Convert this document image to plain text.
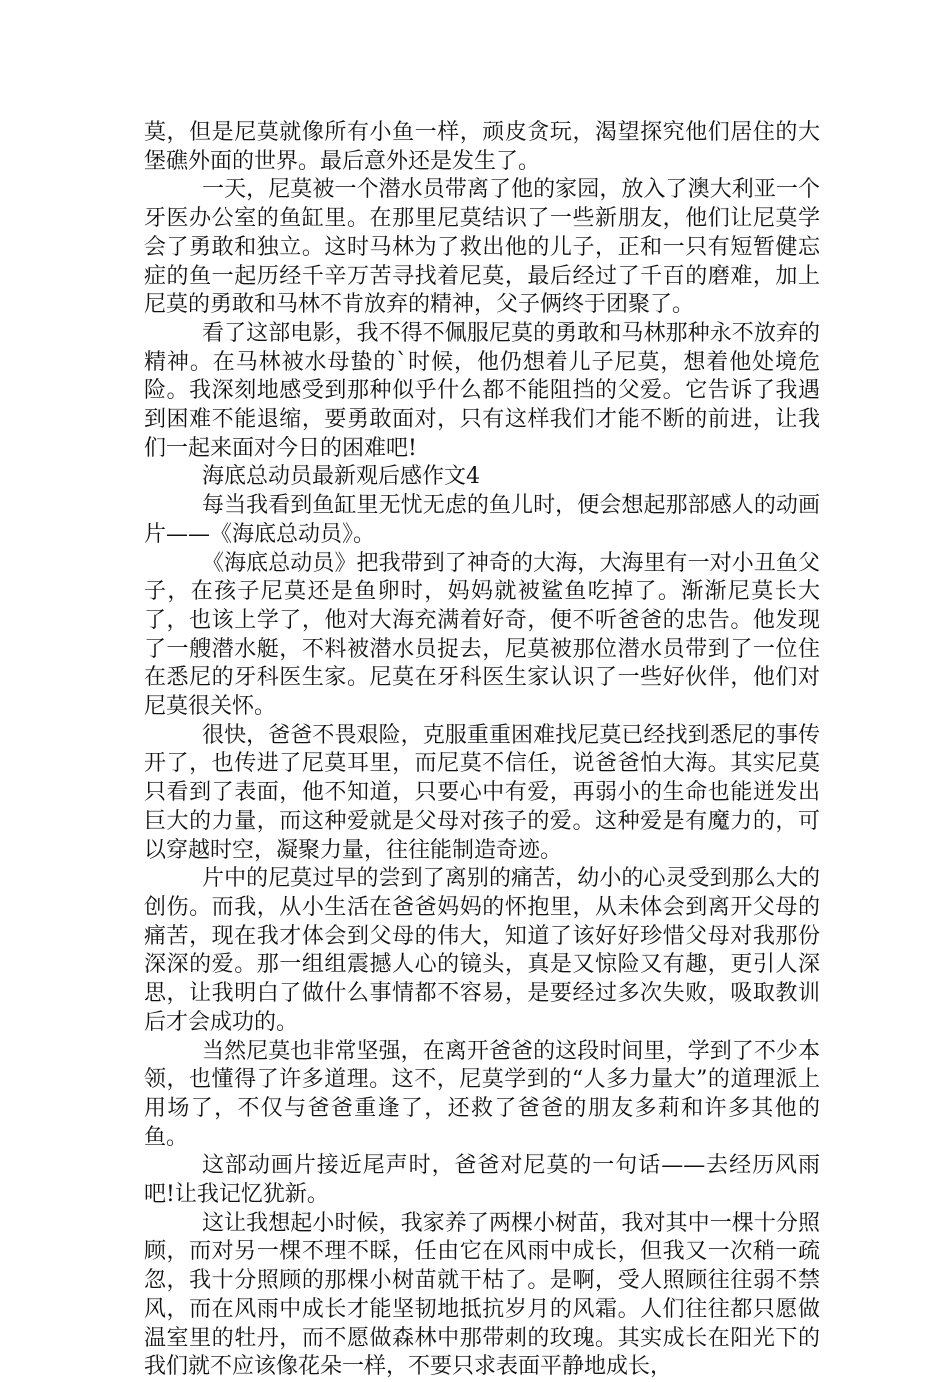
莫，但是尼莫就像所有小鱼一样，顽皮贪玩，渴望探究他们居住的大堡礁外面的世界。最后意外还是发生了。

一天，尼莫被一个潜水员带离了他的家园，放入了澳大利亚一个牙医办公室的鱼缸里。在那里尼莫结识了一些新朋友，他们让尼莫学会了勇敢和独立。这时马林为了救出他的儿子，正和一只有短暂健忘症的鱼一起历经千辛万苦寻找着尼莫，最后经过了千百的磨难，加上尼莫的勇敢和马林不肯放弃的精神，父子俩终于团聚了。

看了这部电影，我不得不佩服尼莫的勇敢和马林那种永不放弃的精神。在马林被水母蛰的`时候，他仍想着儿子尼莫，想着他处境危险。我深刻地感受到那种似乎什么都不能阻挡的父爱。它告诉了我遇到困难不能退缩，要勇敢面对，只有这样我们才能不断的前进，让我们一起来面对今日的困难吧!

海底总动员最新观后感作文4

每当我看到鱼缸里无忧无虑的鱼儿时，便会想起那部感人的动画片——《海底总动员》。

《海底总动员》把我带到了神奇的大海，大海里有一对小丑鱼父子，在孩子尼莫还是鱼卵时，妈妈就被鲨鱼吃掉了。渐渐尼莫长大了，也该上学了，他对大海充满着好奇，便不听爸爸的忠告。他发现了一艘潜水艇，不料被潜水员捉去，尼莫被那位潜水员带到了一位住在悉尼的牙科医生家。尼莫在牙科医生家认识了一些好伙伴，他们对尼莫很关怀。

很快，爸爸不畏艰险，克服重重困难找尼莫已经找到悉尼的事传开了，也传进了尼莫耳里，而尼莫不信任，说爸爸怕大海。其实尼莫只看到了表面，他不知道，只要心中有爱，再弱小的生命也能迸发出巨大的力量，而这种爱就是父母对孩子的爱。这种爱是有魔力的，可以穿越时空，凝聚力量，往往能制造奇迹。

片中的尼莫过早的尝到了离别的痛苦，幼小的心灵受到那么大的创伤。而我，从小生活在爸爸妈妈的怀抱里，从未体会到离开父母的痛苦，现在我才体会到父母的伟大，知道了该好好珍惜父母对我那份深深的爱。那一组组震撼人心的镜头，真是又惊险又有趣，更引人深思，让我明白了做什么事情都不容易，是要经过多次失败，吸取教训后才会成功的。

当然尼莫也非常坚强，在离开爸爸的这段时间里，学到了不少本领，也懂得了许多道理。这不，尼莫学到的“人多力量大”的道理派上用场了，不仅与爸爸重逢了，还救了爸爸的朋友多莉和许多其他的鱼。

这部动画片接近尾声时，爸爸对尼莫的一句话——去经历风雨吧!让我记忆犹新。

这让我想起小时候，我家养了两棵小树苗，我对其中一棵十分照顾，而对另一棵不理不睬，任由它在风雨中成长，但我又一次稍一疏忽，我十分照顾的那棵小树苗就干枯了。是啊，受人照顾往往弱不禁风，而在风雨中成长才能坚韧地抵抗岁月的风霜。人们往往都只愿做温室里的牡丹，而不愿做森林中那带刺的玫瑰。其实成长在阳光下的我们就不应该像花朵一样，不要只求表面平静地成长，
